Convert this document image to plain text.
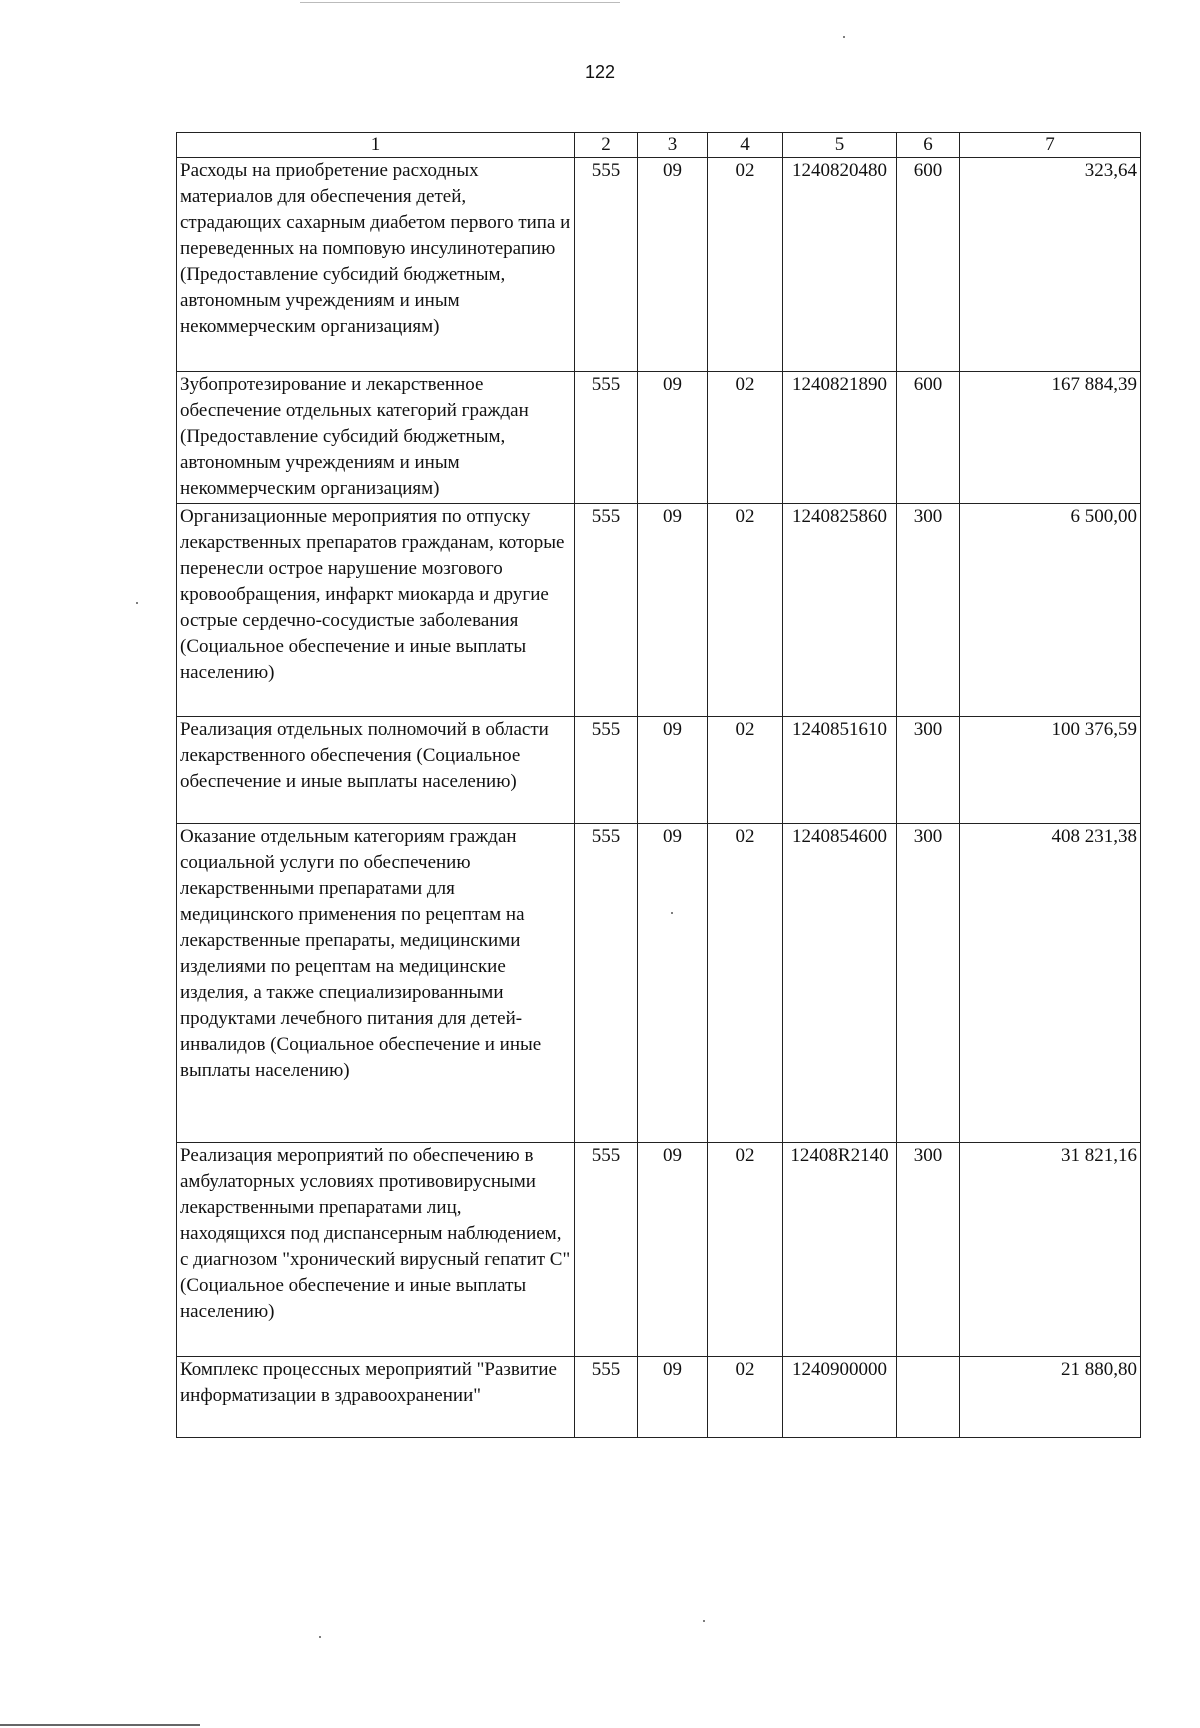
122
1	2	3	4	5	6	7
Расходы на приобретение расходных материалов для обеспечения детей, страдающих сахарным диабетом первого типа и переведенных на помповую инсулинотерапию (Предоставление субсидий бюджетным, автономным учреждениям и иным некоммерческим организациям)	555	09	02	1240820480	600	323,64
Зубопротезирование и лекарственное обеспечение отдельных категорий граждан (Предоставление субсидий бюджетным, автономным учреждениям и иным некоммерческим организациям)	555	09	02	1240821890	600	167 884,39
Организационные мероприятия по отпуску лекарственных препаратов гражданам, которые перенесли острое нарушение мозгового кровообращения, инфаркт миокарда и другие острые сердечно-сосудистые заболевания (Социальное обеспечение и иные выплаты населению)	555	09	02	1240825860	300	6 500,00
Реализация отдельных полномочий в области лекарственного обеспечения (Социальное обеспечение и иные выплаты населению)	555	09	02	1240851610	300	100 376,59
Оказание отдельным категориям граждан социальной услуги по обеспечению лекарственными препаратами для медицинского применения по рецептам на лекарственные препараты, медицинскими изделиями по рецептам на медицинские изделия, а также специализированными продуктами лечебного питания для детей-инвалидов (Социальное обеспечение и иные выплаты населению)	555	09	02	1240854600	300	408 231,38
Реализация мероприятий по обеспечению в амбулаторных условиях противовирусными лекарственными препаратами лиц, находящихся под диспансерным наблюдением, с диагнозом "хронический вирусный гепатит С" (Социальное обеспечение и иные выплаты населению)	555	09	02	12408R2140	300	31 821,16
Комплекс процессных мероприятий "Развитие информатизации в здравоохранении"	555	09	02	1240900000		21 880,80
